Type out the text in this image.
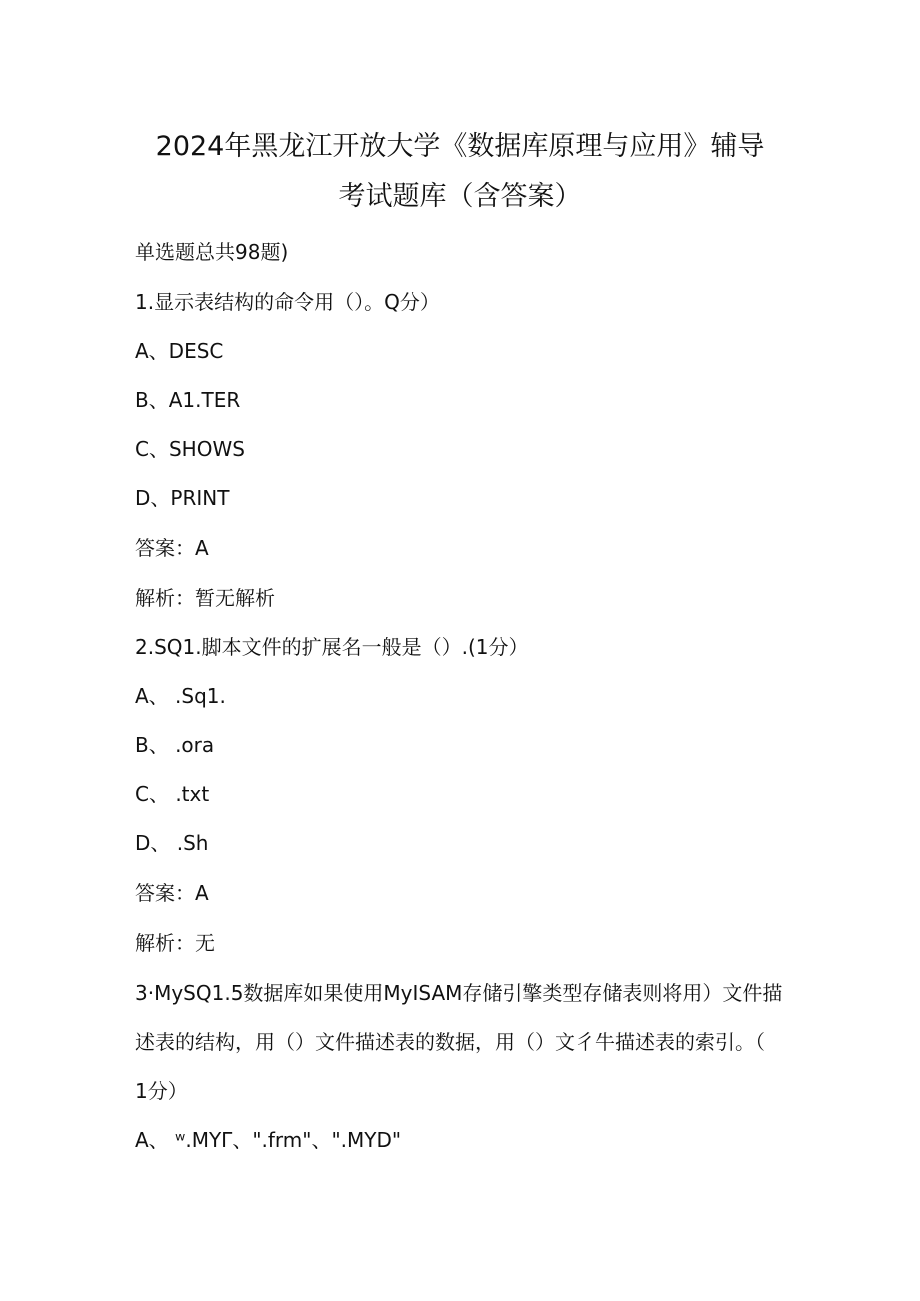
2024年黑龙江开放大学《数据库原理与应用》辅导
考试题库（含答案）
单选题总共98题)
1.显示表结构的命令用（）。Q分）
A、DESC
B、A1.TER
C、SHOWS
D、PRINT
答案：A
解析：暂无解析
2.SQ1.脚本文件的扩展名一般是（）.(1分）
A、 .Sq1.
B、 .ora
C、 .txt
D、 .Sh
答案：A
解析：无
3·MySQ1.5数据库如果使用MyISAM存储引擎类型存储表则将用）文件描
述表的结构，用（）文件描述表的数据，用（）文彳牛描述表的索引。（
1分）
A、 ʷ.MYΓ、".frm"、".MYD"
